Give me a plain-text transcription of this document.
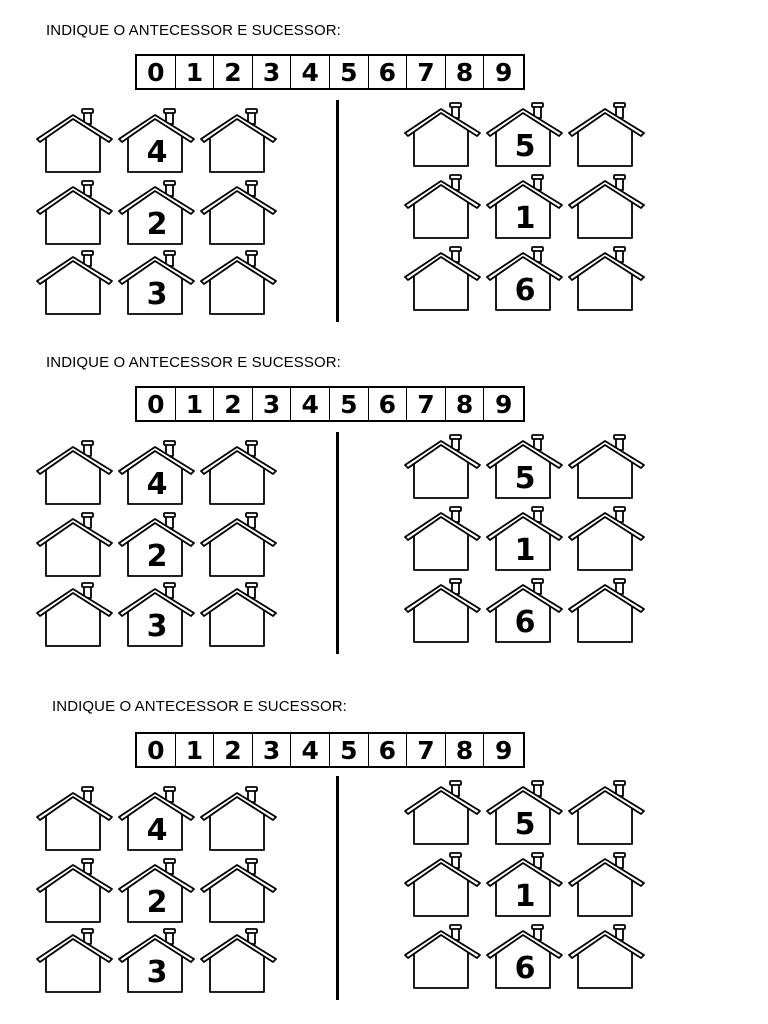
INDIQUE O ANTECESSOR E SUCESSOR:
0 1 2 3 4 5 6 7 8 9
4
2
3
5
1
6
INDIQUE O ANTECESSOR E SUCESSOR:
0 1 2 3 4 5 6 7 8 9
4
2
3
5
1
6
INDIQUE O ANTECESSOR E SUCESSOR:
0 1 2 3 4 5 6 7 8 9
4
2
3
5
1
6
